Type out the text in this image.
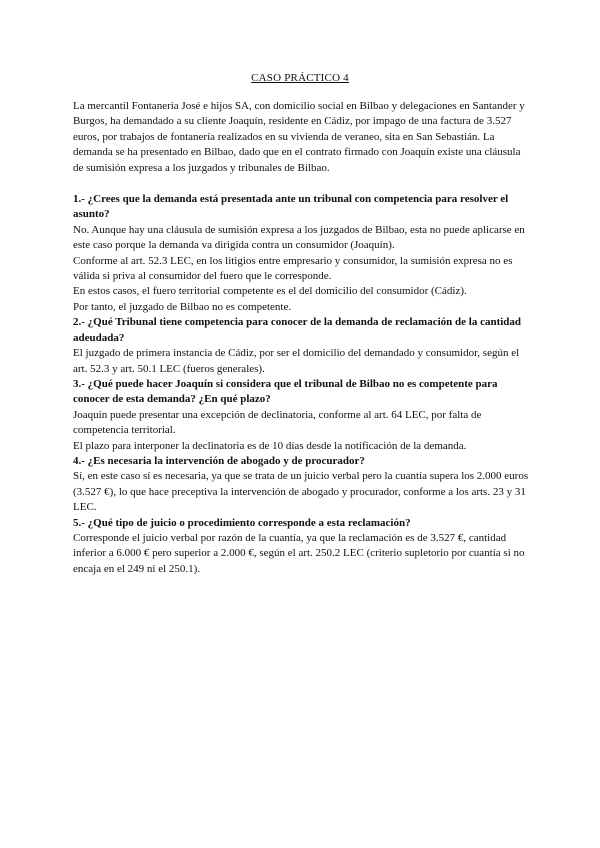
CASO PRÁCTICO 4

La mercantil Fontanería José e hijos SA, con domicilio social en Bilbao y delegaciones en Santander y Burgos, ha demandado a su cliente Joaquín, residente en Cádiz, por impago de una factura de 3.527 euros, por trabajos de fontanería realizados en su vivienda de veraneo, sita en San Sebastián. La demanda se ha presentado en Bilbao, dado que en el contrato firmado con Joaquín existe una cláusula de sumisión expresa a los juzgados y tribunales de Bilbao.

1.- ¿Crees que la demanda está presentada ante un tribunal con competencia para resolver el asunto?

No. Aunque hay una cláusula de sumisión expresa a los juzgados de Bilbao, esta no puede aplicarse en este caso porque la demanda va dirigida contra un consumidor (Joaquín).

Conforme al art. 52.3 LEC, en los litigios entre empresario y consumidor, la sumisión expresa no es válida si priva al consumidor del fuero que le corresponde.

En estos casos, el fuero territorial competente es el del domicilio del consumidor (Cádiz).

Por tanto, el juzgado de Bilbao no es competente.

2.- ¿Qué Tribunal tiene competencia para conocer de la demanda de reclamación de la cantidad adeudada?

El juzgado de primera instancia de Cádiz, por ser el domicilio del demandado y consumidor, según el art. 52.3 y art. 50.1 LEC (fueros generales).

3.- ¿Qué puede hacer Joaquín si considera que el tribunal de Bilbao no es competente para conocer de esta demanda? ¿En qué plazo?

Joaquín puede presentar una excepción de declinatoria, conforme al art. 64 LEC, por falta de competencia territorial.

El plazo para interponer la declinatoria es de 10 días desde la notificación de la demanda.

4.- ¿Es necesaria la intervención de abogado y de procurador?

Sí, en este caso sí es necesaria, ya que se trata de un juicio verbal pero la cuantía supera los 2.000 euros (3.527 €), lo que hace preceptiva la intervención de abogado y procurador, conforme a los arts. 23 y 31 LEC.

5.- ¿Qué tipo de juicio o procedimiento corresponde a esta reclamación?

Corresponde el juicio verbal por razón de la cuantía, ya que la reclamación es de 3.527 €, cantidad inferior a 6.000 € pero superior a 2.000 €, según el art. 250.2 LEC (criterio supletorio por cuantía si no encaja en el 249 ni el 250.1).
